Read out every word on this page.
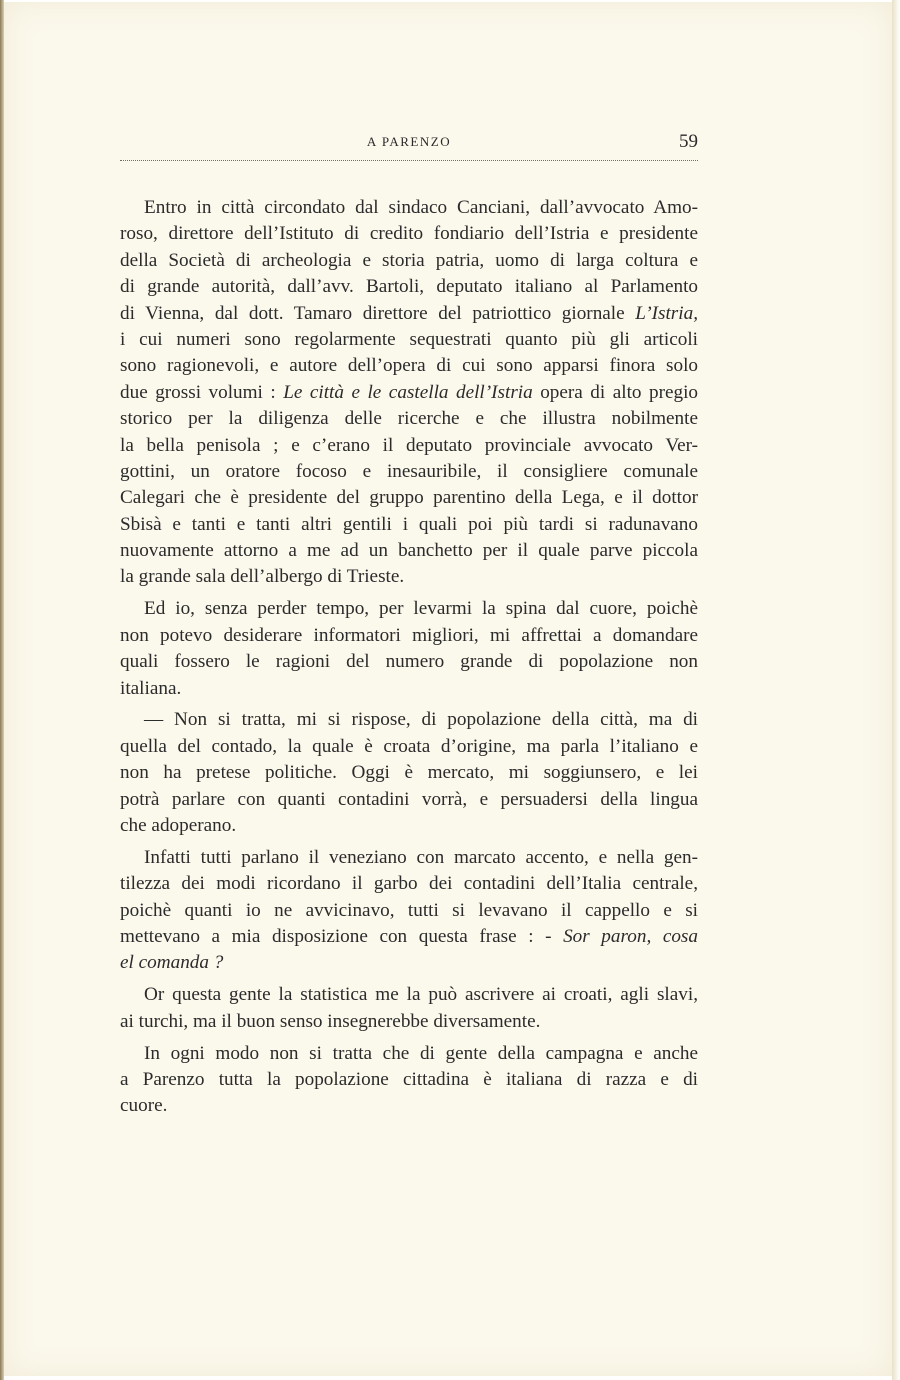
A PARENZO	59
Entro in città circondato dal sindaco Canciani, dall’avvocato Amo-
roso, direttore dell’Istituto di credito fondiario dell’Istria e presidente
della Società di archeologia e storia patria, uomo di larga coltura e
di grande autorità, dall’avv. Bartoli, deputato italiano al Parlamento
di Vienna, dal dott. Tamaro direttore del patriottico giornale L’Istria,
i cui numeri sono regolarmente sequestrati quanto più gli articoli
sono ragionevoli, e autore dell’opera di cui sono apparsi finora solo
due grossi volumi : Le città e le castella dell’Istria opera di alto pregio
storico per la diligenza delle ricerche e che illustra nobilmente
la bella penisola ; e c’erano il deputato provinciale avvocato Ver-
gottini, un oratore focoso e inesauribile, il consigliere comunale
Calegari che è presidente del gruppo parentino della Lega, e il dottor
Sbisà e tanti e tanti altri gentili i quali poi più tardi si radunavano
nuovamente attorno a me ad un banchetto per il quale parve piccola
la grande sala dell’albergo di Trieste.
Ed io, senza perder tempo, per levarmi la spina dal cuore, poichè
non potevo desiderare informatori migliori, mi affrettai a domandare
quali fossero le ragioni del numero grande di popolazione non
italiana.
— Non si tratta, mi si rispose, di popolazione della città, ma di
quella del contado, la quale è croata d’origine, ma parla l’italiano e
non ha pretese politiche. Oggi è mercato, mi soggiunsero, e lei
potrà parlare con quanti contadini vorrà, e persuadersi della lingua
che adoperano.
Infatti tutti parlano il veneziano con marcato accento, e nella gen-
tilezza dei modi ricordano il garbo dei contadini dell’Italia centrale,
poichè quanti io ne avvicinavo, tutti si levavano il cappello e si
mettevano a mia disposizione con questa frase : - Sor paron, cosa
el comanda ?
Or questa gente la statistica me la può ascrivere ai croati, agli slavi,
ai turchi, ma il buon senso insegnerebbe diversamente.
In ogni modo non si tratta che di gente della campagna e anche
a Parenzo tutta la popolazione cittadina è italiana di razza e di
cuore.
